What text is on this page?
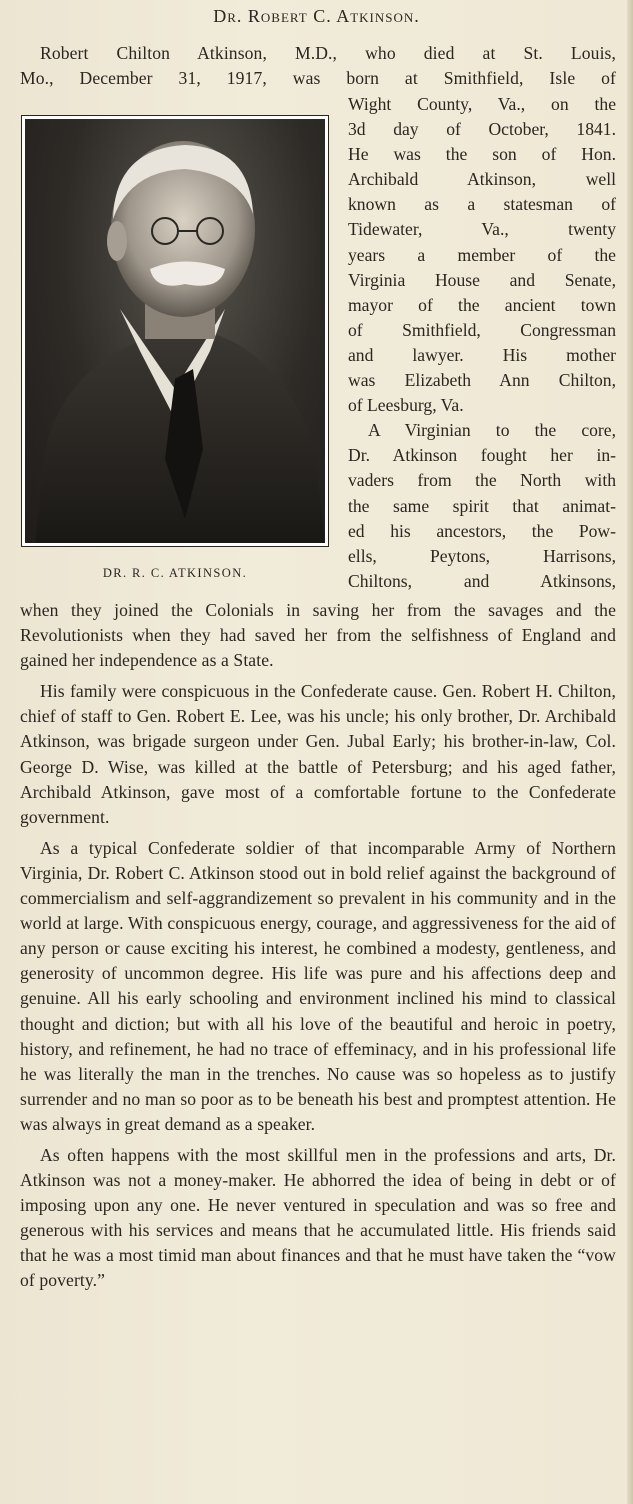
Dr. Robert C. Atkinson.
Robert Chilton Atkinson, M.D., who died at St. Louis,
Mo., December 31, 1917, was born at Smithfield, Isle of
DR. R. C. ATKINSON.
Wight County, Va., on the
3d day of October, 1841.
He was the son of Hon.
Archibald Atkinson, well
known as a statesman of
Tidewater, Va., twenty
years a member of the
Virginia House and Senate,
mayor of the ancient town
of Smithfield, Congressman
and lawyer. His mother
was Elizabeth Ann Chilton,
of Leesburg, Va.
A Virginian to the core,
Dr. Atkinson fought her in-
vaders from the North with
the same spirit that animat-
ed his ancestors, the Pow-
ells, Peytons, Harrisons,
Chiltons, and Atkinsons,
when they joined the Colonials in saving her from the savages and the Revolutionists when they had saved her from the selfishness of England and gained her independence as a State.

His family were conspicuous in the Confederate cause. Gen. Robert H. Chilton, chief of staff to Gen. Robert E. Lee, was his uncle; his only brother, Dr. Archibald Atkinson, was brigade surgeon under Gen. Jubal Early; his brother-in-law, Col. George D. Wise, was killed at the battle of Petersburg; and his aged father, Archibald Atkinson, gave most of a comfortable fortune to the Confederate government.

As a typical Confederate soldier of that incomparable Army of Northern Virginia, Dr. Robert C. Atkinson stood out in bold relief against the background of commercialism and self-aggrandizement so prevalent in his community and in the world at large. With conspicuous energy, courage, and aggressiveness for the aid of any person or cause exciting his interest, he combined a modesty, gentleness, and generosity of uncommon degree. His life was pure and his affections deep and genuine. All his early schooling and environment inclined his mind to classical thought and diction; but with all his love of the beautiful and heroic in poetry, history, and refinement, he had no trace of effeminacy, and in his professional life he was literally the man in the trenches. No cause was so hopeless as to justify surrender and no man so poor as to be beneath his best and promptest attention. He was always in great demand as a speaker.

As often happens with the most skillful men in the professions and arts, Dr. Atkinson was not a money-maker. He abhorred the idea of being in debt or of imposing upon any one. He never ventured in speculation and was so free and generous with his services and means that he accumulated little. His friends said that he was a most timid man about finances and that he must have taken the “vow of poverty.”
